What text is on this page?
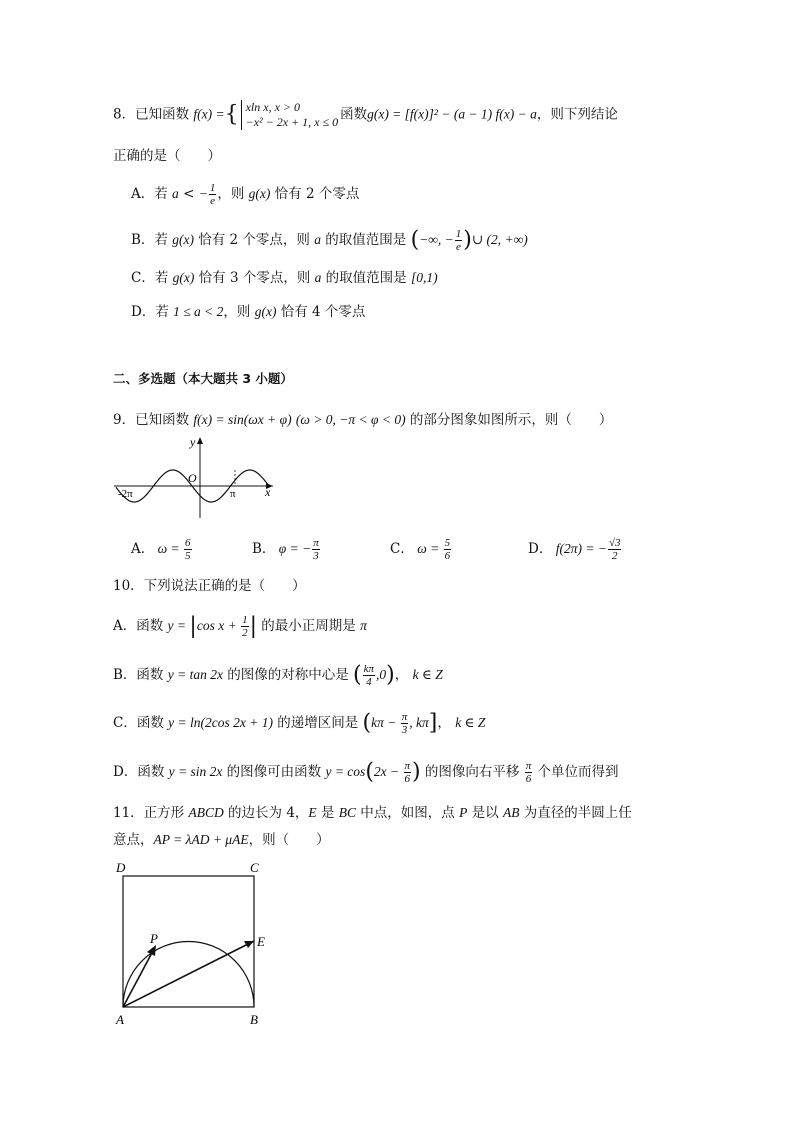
8．已知函数 f(x) ={ xln x, x > 0
−x² − 2x + 1, x ≤ 0 函数g(x) = [f(x)]² − (a − 1) f(x) − a，则下列结论
正确的是（　　）
A．若 a < − $\frac{1}{e}$ ，则 g(x) 恰有 2 个零点
B．若 g(x) 恰有 2 个零点，则 a 的取值范围是 (−∞, − $\frac{1}{e}$ )∪ (2, +∞)
C．若 g(x) 恰有 3 个零点，则 a 的取值范围是 [0,1)
D．若 1 ≤ a < 2，则 g(x) 恰有 4 个零点
二、多选题（本大题共 3 小题）
9．已知函数 f(x) = sin(ωx + φ) (ω > 0, −π < φ < 0) 的部分图象如图所示，则（　　）
y
O
x
-2π	π
A． $\omega = \frac{6}{5}$	B． φ = − $\frac{\pi}{3}$	C． $\omega = \frac{5}{6}$	D． f(2π) = − $\frac{√3}{2}$
10．下列说法正确的是（　　）
A．函数 y = |cos $x + \frac{1}{2}$ | 的最小正周期是 π
B．函数 y = tan 2x 的图像的对称中心是 ( $\frac{k\pi}{4} ,0$)， k ∈ Z
C．函数 y = ln(2cos 2x + 1) 的递增区间是 ($k\pi - \frac{\pi}{3}$ , kπ]， k ∈ Z
D．函数 y = sin 2x 的图像可由函数 $y = \cos(2x - \frac{\pi}{6}$ ) 的图像向右平移 $\frac{\pi}{6}$ 个单位而得到
11．正方形 ABCD 的边长为 4，E 是 BC 中点，如图，点 P 是以 AB 为直径的半圆上任
意点，AP = λAD + μAE，则（　　）
D	C
A	B
E
P
